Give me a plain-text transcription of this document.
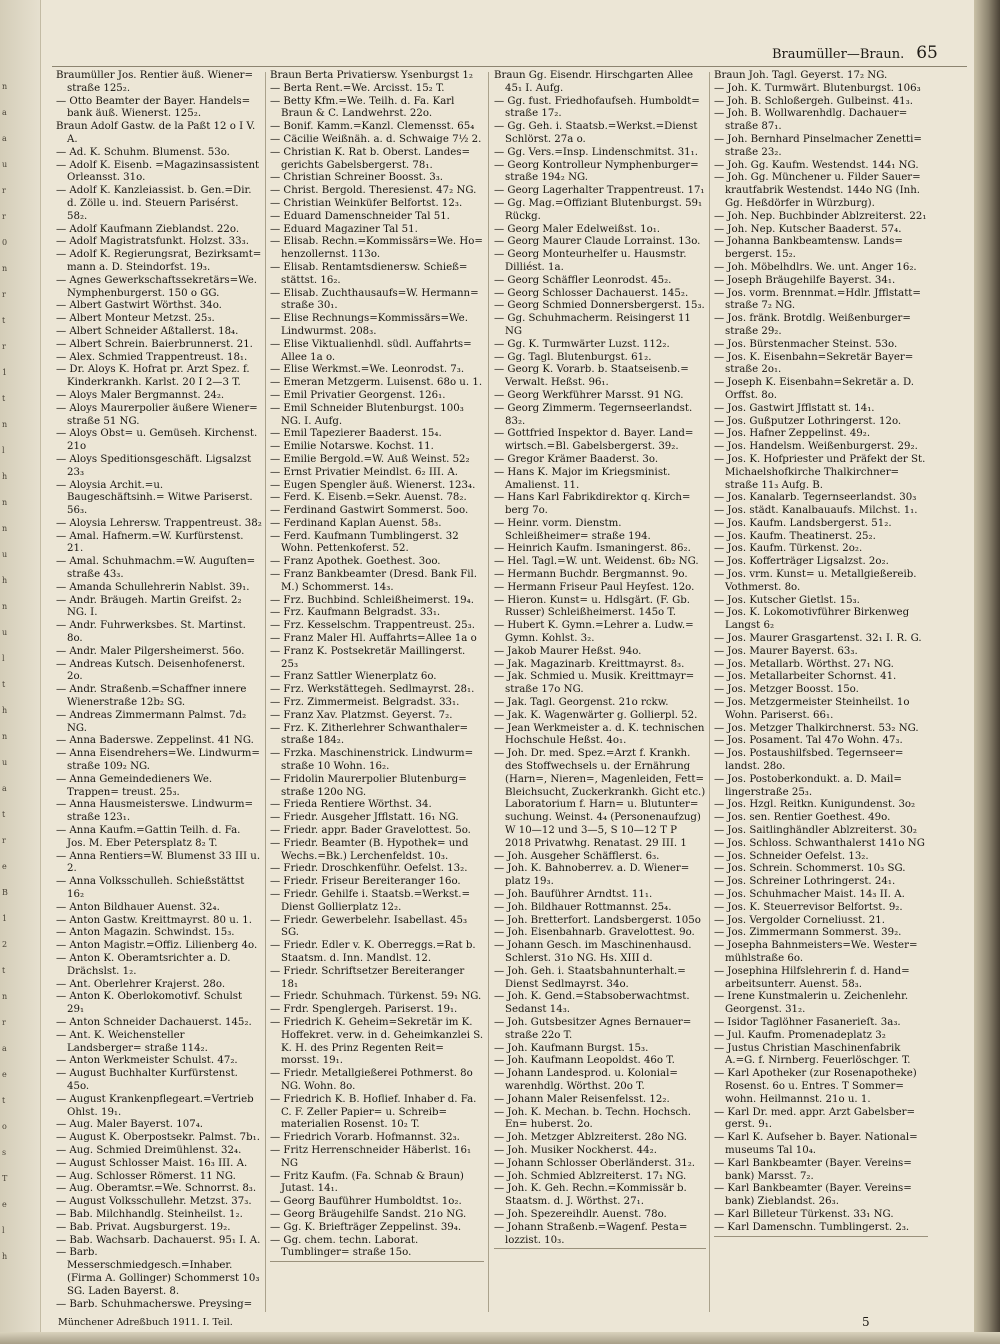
n
a
a
u
r
r
0
n
r
t
r
1
t
n
l
h
n
n
u
h
n
u
l
t
h
n
u
a
t
r
e
B
1
2
t
n
r
a
e
t
o
s
T
e
l
h
Braumüller—Braun. 65

Braumüller Jos. Rentier äuß. Wiener= straße 125₂.

— Otto Beamter der Bayer. Handels= bank äuß. Wienerst. 125₂.

Braun Adolf Gastw. de la Paßt 12 o I V. A.

— Ad. K. Schuhm. Blumenst. 53o.

— Adolf K. Eisenb. =Magazinsassistent Orleansst. 31o.

— Adolf K. Kanzleiassist. b. Gen.=Dir. d. Zölle u. ind. Steuern Parisérst. 58₂.

— Adolf Kaufmann Zieblandst. 22o.

— Adolf Magistratsfunkt. Holzst. 33₃.

— Adolf K. Regierungsrat, Bezirksamt= mann a. D. Steindorfst. 19₃.

— Agnes Gewerkschaftssekretärs=We. Nymphenburgerst. 150 o GG.

— Albert Gastwirt Wörthst. 34o.

— Albert Monteur Metzst. 25₃.

— Albert Schneider Aßtallerst. 18₄.

— Albert Schrein. Baierbrunnerst. 21.

— Alex. Schmied Trappentreust. 18₁.

— Dr. Aloys K. Hofrat pr. Arzt Spez. f. Kinderkrankh. Karlst. 20 I 2—3 T.

— Aloys Maler Bergmannst. 24₂.

— Aloys Maurerpolier äußere Wiener= straße 51 NG.

— Aloys Obst= u. Gemüseh. Kirchenst. 21o

— Aloys Speditionsgeschäft. Ligsalzst 23₃

— Aloysia Archit.=u. Baugeschäftsinh.= Witwe Pariserst. 56₃.

— Aloysia Lehrersw. Trappentreust. 38₂

— Amal. Hafnerm.=W. Kurfürstenst. 21.

— Amal. Schuhmachm.=W. Auguſten= straße 43₃.

— Amanda Schullehrerin Nablst. 39₁.

— Andr. Bräugeh. Martin Greifst. 2₂ NG. I.

— Andr. Fuhrwerksbes. St. Martinst. 8o.

— Andr. Maler Pilgersheimerst. 56o.

— Andreas Kutsch. Deisenhofenerst. 2o.

— Andr. Straßenb.=Schaffner innere Wienerstraße 12b₂ SG.

— Andreas Zimmermann Palmst. 7d₂ NG.

— Anna Baderswe. Zeppelinst. 41 NG.

— Anna Eisendrehers=We. Lindwurm= straße 109₂ NG.

— Anna Gemeindedieners We. Trappen= treust. 25₃.

— Anna Hausmeisterswe. Lindwurm= straße 123₁.

— Anna Kaufm.=Gattin Teilh. d. Fa. Jos. M. Eber Petersplatz 8₂ T.

— Anna Rentiers=W. Blumenst 33 III u. 2.

— Anna Volksschulleh. Schießstättst 16₂

— Anton Bildhauer Auenst. 32₄.

— Anton Gastw. Kreittmayrst. 80 u. 1.

— Anton Magazin. Schwindst. 15₃.

— Anton Magistr.=Offiz. Lilienberg 4o.

— Anton K. Oberamtsrichter a. D. Drächslst. 1₂.

— Ant. Oberlehrer Krajerst. 28o.

— Anton K. Oberlokomotivf. Schulst 29₁

— Anton Schneider Dachauerst. 145₂.

— Ant. K. Weichensteller Landsberger= straße 114₂.

— Anton Werkmeister Schulst. 47₂.

— August Buchhalter Kurfürstenst. 45o.

— August Krankenpflegeart.=Vertrieb Ohlst. 19₁.

— Aug. Maler Bayerst. 107₄.

— August K. Oberpostsekr. Palmst. 7b₁.

— Aug. Schmied Dreimühlenst. 32₄.

— August Schlosser Maist. 16₃ III. A.

— Aug. Schlosser Römerst. 11 NG.

— Aug. Oberamtsr.=We. Schnorrst. 8₃.

— August Volksschullehr. Metzst. 37₃.

— Bab. Milchhandlg. Steinheilst. 1₂.

— Bab. Privat. Augsburgerst. 19₂.

— Bab. Wachsarb. Dachauerst. 95₁ I. A.

— Barb. Messerschmiedgesch.=Inhaber. (Firma A. Gollinger) Schommerst 10₃ SG. Laden Bayerst. 8.

— Barb. Schuhmacherswe. Preysing=

Braun Berta Privatiersw. Ysenburgst 1₂

— Berta Rent.=We. Arcisst. 15₂ T.

— Betty Kfm.=We. Teilh. d. Fa. Karl Braun & C. Landwehrst. 22o.

— Bonif. Kamm.=Kanzl. Clemensst. 65₄

— Cäcilie Weißnäh. a. d. Schwaige 7½ 2.

— Christian K. Rat b. Oberst. Landes= gerichts Gabelsbergerst. 78₁.

— Christian Schreiner Boosst. 3₃.

— Christ. Bergold. Theresienst. 47₂ NG.

— Christian Weinküfer Belfortst. 12₃.

— Eduard Damenschneider Tal 51.

— Eduard Magaziner Tal 51.

— Elisab. Rechn.=Kommissärs=We. Ho= henzollernst. 113o.

— Elisab. Rentamtsdienersw. Schieß= stättst. 16₂.

— Elisab. Zuchthausaufs=W. Hermann= straße 30₁.

— Elise Rechnungs=Kommissärs=We. Lindwurmst. 208₃.

— Elise Viktualienhdl. südl. Auffahrts= Allee 1a o.

— Elise Werkmst.=We. Leonrodst. 7₃.

— Emeran Metzgerm. Luisenst. 68o u. 1.

— Emil Privatier Georgenst. 126₁.

— Emil Schneider Blutenburgst. 100₃ NG. I. Aufg.

— Emil Tapezierer Baaderst. 15₄.

— Emilie Notarswe. Kochst. 11.

— Emilie Bergold.=W. Auß Weinst. 52₂

— Ernst Privatier Meindlst. 6₂ III. A.

— Eugen Spengler äuß. Wienerst. 123₄.

— Ferd. K. Eisenb.=Sekr. Auenst. 78₂.

— Ferdinand Gastwirt Sommerst. 5oo.

— Ferdinand Kaplan Auenst. 58₃.

— Ferd. Kaufmann Tumblingerst. 32 Wohn. Pettenkoferst. 52.

— Franz Apothek. Goethest. 3oo.

— Franz Bankbeamter (Dresd. Bank Fil. M.) Schommerst. 14₃.

— Frz. Buchbind. Schleißheimerst. 19₄.

— Frz. Kaufmann Belgradst. 33₁.

— Frz. Kesselschm. Trappentreust. 25₃.

— Franz Maler Hl. Auffahrts=Allee 1a o

— Franz K. Postsekretär Maillingerst. 25₃

— Franz Sattler Wienerplatz 6o.

— Frz. Werkstättegeh. Sedlmayrst. 28₁.

— Frz. Zimmermeist. Belgradst. 33₁.

— Franz Xav. Platzmst. Geyerst. 7₂.

— Frz. K. Zitherlehrer Schwanthaler= straße 184₂.

— Frzka. Maschinenstrick. Lindwurm= straße 10 Wohn. 16₂.

— Fridolin Maurerpolier Blutenburg= straße 120o NG.

— Frieda Rentiere Wörthst. 34.

— Friedr. Ausgeher Jfflstatt. 16₁ NG.

— Friedr. appr. Bader Gravelottest. 5o.

— Friedr. Beamter (B. Hypothek= und Wechs.=Bk.) Lerchenfeldst. 10₃.

— Friedr. Droschkenführ. Oefelst. 13₂.

— Friedr. Friseur Bereiteranger 16o.

— Friedr. Gehilfe i. Staatsb.=Werkst.= Dienst Gollierplatz 12₂.

— Friedr. Gewerbelehr. Isabellast. 45₃ SG.

— Friedr. Edler v. K. Oberreggs.=Rat b. Staatsm. d. Inn. Mandlst. 12.

— Friedr. Schriftsetzer Bereiteranger 18₁

— Friedr. Schuhmach. Türkenst. 59₁ NG.

— Frdr. Spenglergeh. Pariserst. 19₁.

— Friedrich K. Geheim=Sekretär im K. Hoffekret. verw. in d. Geheimkanzlei S. K. H. des Prinz Regenten Reit= morsst. 19₁.

— Friedr. Metallgießerei Pothmerst. 8o NG. Wohn. 8o.

— Friedrich K. B. Hoflief. Inhaber d. Fa. C. F. Zeller Papier= u. Schreib= materialien Rosenst. 10₂ T.

— Friedrich Vorarb. Hofmannst. 32₃.

— Fritz Herrenschneider Häberlst. 16₁ NG

— Fritz Kaufm. (Fa. Schnab & Braun) Jutast. 14₁.

— Georg Bauführer Humboldtst. 1o₂.

— Georg Bräugehilfe Sandst. 21o NG.

— Gg. K. Briefträger Zeppelinst. 39₄.

— Gg. chem. techn. Laborat. Tumblinger= straße 15o.

Braun Gg. Eisendr. Hirschgarten Allee 45₁ I. Aufg.

— Gg. fust. Friedhofaufseh. Humboldt= straße 17₂.

— Gg. Geh. i. Staatsb.=Werkst.=Dienst Schlörst. 27a o.

— Gg. Vers.=Insp. Lindenschmitst. 31₁.

— Georg Kontrolleur Nymphenburger= straße 194₂ NG.

— Georg Lagerhalter Trappentreust. 17₁

— Gg. Mag.=Offiziant Blutenburgst. 59₁ Rückg.

— Georg Maler Edelweißst. 1o₁.

— Georg Maurer Claude Lorrainst. 13o.

— Georg Monteurhelfer u. Hausmstr. Dilliést. 1a.

— Georg Schäffler Leonrodst. 45₂.

— Georg Schlosser Dachauerst. 145₂.

— Georg Schmied Donnersbergerst. 15₃.

— Gg. Schuhmacherm. Reisingerst 11 NG

— Gg. K. Turmwärter Luzst. 112₂.

— Gg. Tagl. Blutenburgst. 61₂.

— Georg K. Vorarb. b. Staatseisenb.= Verwalt. Heßst. 96₁.

— Georg Werkführer Marsst. 91 NG.

— Georg Zimmerm. Tegernseerlandst. 83₂.

— Gottfried Inspektor d. Bayer. Land= wirtsch.=Bl. Gabelsbergerst. 39₂.

— Gregor Krämer Baaderst. 3o.

— Hans K. Major im Kriegsminist. Amalienst. 11.

— Hans Karl Fabrikdirektor q. Kirch= berg 7o.

— Heinr. vorm. Dienstm. Schleißheimer= straße 194.

— Heinrich Kaufm. Ismaningerst. 86₂.

— Hel. Tagl.=W. unt. Weidenst. 6b₂ NG.

— Hermann Buchdr. Bergmannst. 9o.

— Hermann Friseur Paul Heyſest. 12o.

— Hieron. Kunst= u. Hdlsgärt. (F. Gb. Russer) Schleißheimerst. 145o T.

— Hubert K. Gymn.=Lehrer a. Ludw.= Gymn. Kohlst. 3₂.

— Jakob Maurer Heßst. 94o.

— Jak. Magazinarb. Kreittmayrst. 8₃.

— Jak. Schmied u. Musik. Kreittmayr= straße 17o NG.

— Jak. Tagl. Georgenst. 21o rckw.

— Jak. K. Wagenwärter g. Gollierpl. 52.

— Jean Werkmeister a. d. K. technischen Hochschule Heßst. 4o₁.

— Joh. Dr. med. Spez.=Arzt f. Krankh. des Stoffwechsels u. der Ernährung (Harn=, Nieren=, Magenleiden, Fett= Bleichsucht, Zuckerkrankh. Gicht etc.) Laboratorium f. Harn= u. Blutunter= suchung. Weinst. 4₄ (Personenaufzug) W 10—12 und 3—5, S 10—12 T P 2018 Privatwhg. Renatast. 29 III. 1

— Joh. Ausgeher Schäfflerst. 6₃.

— Joh. K. Bahnoberrev. a. D. Wiener= platz 19₃.

— Joh. Bauführer Arndtst. 11₁.

— Joh. Bildhauer Rottmannst. 25₄.

— Joh. Bretterfort. Landsbergerst. 105o

— Joh. Eisenbahnarb. Gravelottest. 9o.

— Johann Gesch. im Maschinenhausd. Schlerst. 31o NG. Hs. XIII d.

— Joh. Geh. i. Staatsbahnunterhalt.= Dienst Sedlmayrst. 34o.

— Joh. K. Gend.=Stabsoberwachtmst. Sedanst 14₃.

— Joh. Gutsbesitzer Agnes Bernauer= straße 22o T.

— Joh. Kaufmann Burgst. 15₃.

— Joh. Kaufmann Leopoldst. 46o T.

— Johann Landesprod. u. Kolonial= warenhdlg. Wörthst. 20o T.

— Johann Maler Reisenfelsst. 12₂.

— Joh. K. Mechan. b. Techn. Hochsch. En= huberst. 2o.

— Joh. Metzger Ablzreiterst. 28o NG.

— Joh. Musiker Nockherst. 44₂.

— Johann Schlosser Oberländerst. 31₂.

— Joh. Schmied Ablzreiterst. 17₁ NG.

— Joh. K. Geh. Rechn.=Kommissär b. Staatsm. d. J. Wörthst. 27₁.

— Joh. Spezereihdlr. Auenst. 78o.

— Johann Straßenb.=Wagenf. Pesta= lozzist. 10₃.

Braun Joh. Tagl. Geyerst. 17₂ NG.

— Joh. K. Turmwärt. Blutenburgst. 106₃

— Joh. B. Schloßergeh. Gulbeinst. 41₃.

— Joh. B. Wollwarenhdlg. Dachauer= straße 87₁.

— Joh. Bernhard Pinselmacher Zenetti= straße 23₂.

— Joh. Gg. Kaufm. Westendst. 144₁ NG.

— Joh. Gg. Münchener u. Filder Sauer= krautfabrik Westendst. 144o NG (Inh. Gg. Heßdörfer in Würzburg).

— Joh. Nep. Buchbinder Ablzreiterst. 22₁

— Joh. Nep. Kutscher Baaderst. 57₄.

— Johanna Bankbeamtensw. Lands= bergerst. 15₂.

— Joh. Möbelhdlrs. We. unt. Anger 16₂.

— Joseph Bräugehilfe Bayerst. 34₁.

— Jos. vorm. Brennmat.=Hdlr. Jfflstatt= straße 7₂ NG.

— Jos. fränk. Brotdlg. Weißenburger= straße 29₂.

— Jos. Bürstenmacher Steinst. 53o.

— Jos. K. Eisenbahn=Sekretär Bayer= straße 2o₁.

— Joseph K. Eisenbahn=Sekretär a. D. Orffst. 8o.

— Jos. Gastwirt Jfflstatt st. 14₁.

— Jos. Gußputzer Lothringerst. 12o.

— Jos. Hafner Zeppelinst. 49₂.

— Jos. Handelsm. Weißenburgerst. 29₂.

— Jos. K. Hofpriester und Präfekt der St. Michaelshofkirche Thalkirchner= straße 11₃ Aufg. B.

— Jos. Kanalarb. Tegernseerlandst. 30₃

— Jos. städt. Kanalbauaufs. Milchst. 1₁.

— Jos. Kaufm. Landsbergerst. 51₂.

— Jos. Kaufm. Theatinerst. 25₂.

— Jos. Kaufm. Türkenst. 2o₂.

— Jos. Kofferträger Ligsalzst. 2o₂.

— Jos. vrm. Kunst= u. Metallgießereib. Vothmerst. 8o.

— Jos. Kutscher Gietlst. 15₃.

— Jos. K. Lokomotivführer Birkenweg Langst 6₂

— Jos. Maurer Grasgartenst. 32₁ I. R. G.

— Jos. Maurer Bayerst. 63₃.

— Jos. Metallarb. Wörthst. 27₁ NG.

— Jos. Metallarbeiter Schornst. 41.

— Jos. Metzger Boosst. 15o.

— Jos. Metzgermeister Steinheilst. 1o Wohn. Pariserst. 66₁.

— Jos. Metzger Thalkirchnerst. 53₂ NG.

— Jos. Posament. Tal 47o Wohn. 47₃.

— Jos. Postaushilfsbed. Tegernseer= landst. 28o.

— Jos. Postoberkondukt. a. D. Mail= lingerstraße 25₃.

— Jos. Hzgl. Reitkn. Kunigundenst. 3o₂

— Jos. sen. Rentier Goethest. 49o.

— Jos. Saitlinghändler Ablzreiterst. 30₂

— Jos. Schloss. Schwanthalerst 141o NG

— Jos. Schneider Oefelst. 13₂.

— Jos. Schrein. Schommerst. 10₃ SG.

— Jos. Schreiner Lothringerst. 24₁.

— Jos. Schuhmacher Maist. 14₃ II. A.

— Jos. K. Steuerrevisor Belfortst. 9₂.

— Jos. Vergolder Corneliusst. 21.

— Jos. Zimmermann Sommerst. 39₂.

— Josepha Bahnmeisters=We. Wester= mühlstraße 6o.

— Josephina Hilfslehrerin f. d. Hand= arbeitsunterr. Auenst. 58₃.

— Irene Kunstmalerin u. Zeichenlehr. Georgenst. 31₂.

— Isidor Taglöhner Fasanerieſt. 3a₃.

— Jul. Kaufm. Promenadeplatz 3₂

— Justus Christian Maschinenfabrik A.=G. f. Nirnberg. Feuerlöschger. T.

— Karl Apotheker (zur Rosenapotheke) Rosenst. 6o u. Entres. T Sommer= wohn. Heilmannst. 21o u. 1.

— Karl Dr. med. appr. Arzt Gabelsber= gerst. 9₁.

— Karl K. Aufseher b. Bayer. National= museums Tal 10₄.

— Karl Bankbeamter (Bayer. Vereins= bank) Marsst. 7₂.

— Karl Bankbeamter (Bayer. Vereins= bank) Zieblandst. 26₃.

— Karl Billeteur Türkenst. 33₁ NG.

— Karl Damenschn. Tumblingerst. 2₃.

Münchener Adreßbuch 1911. I. Teil.	5
